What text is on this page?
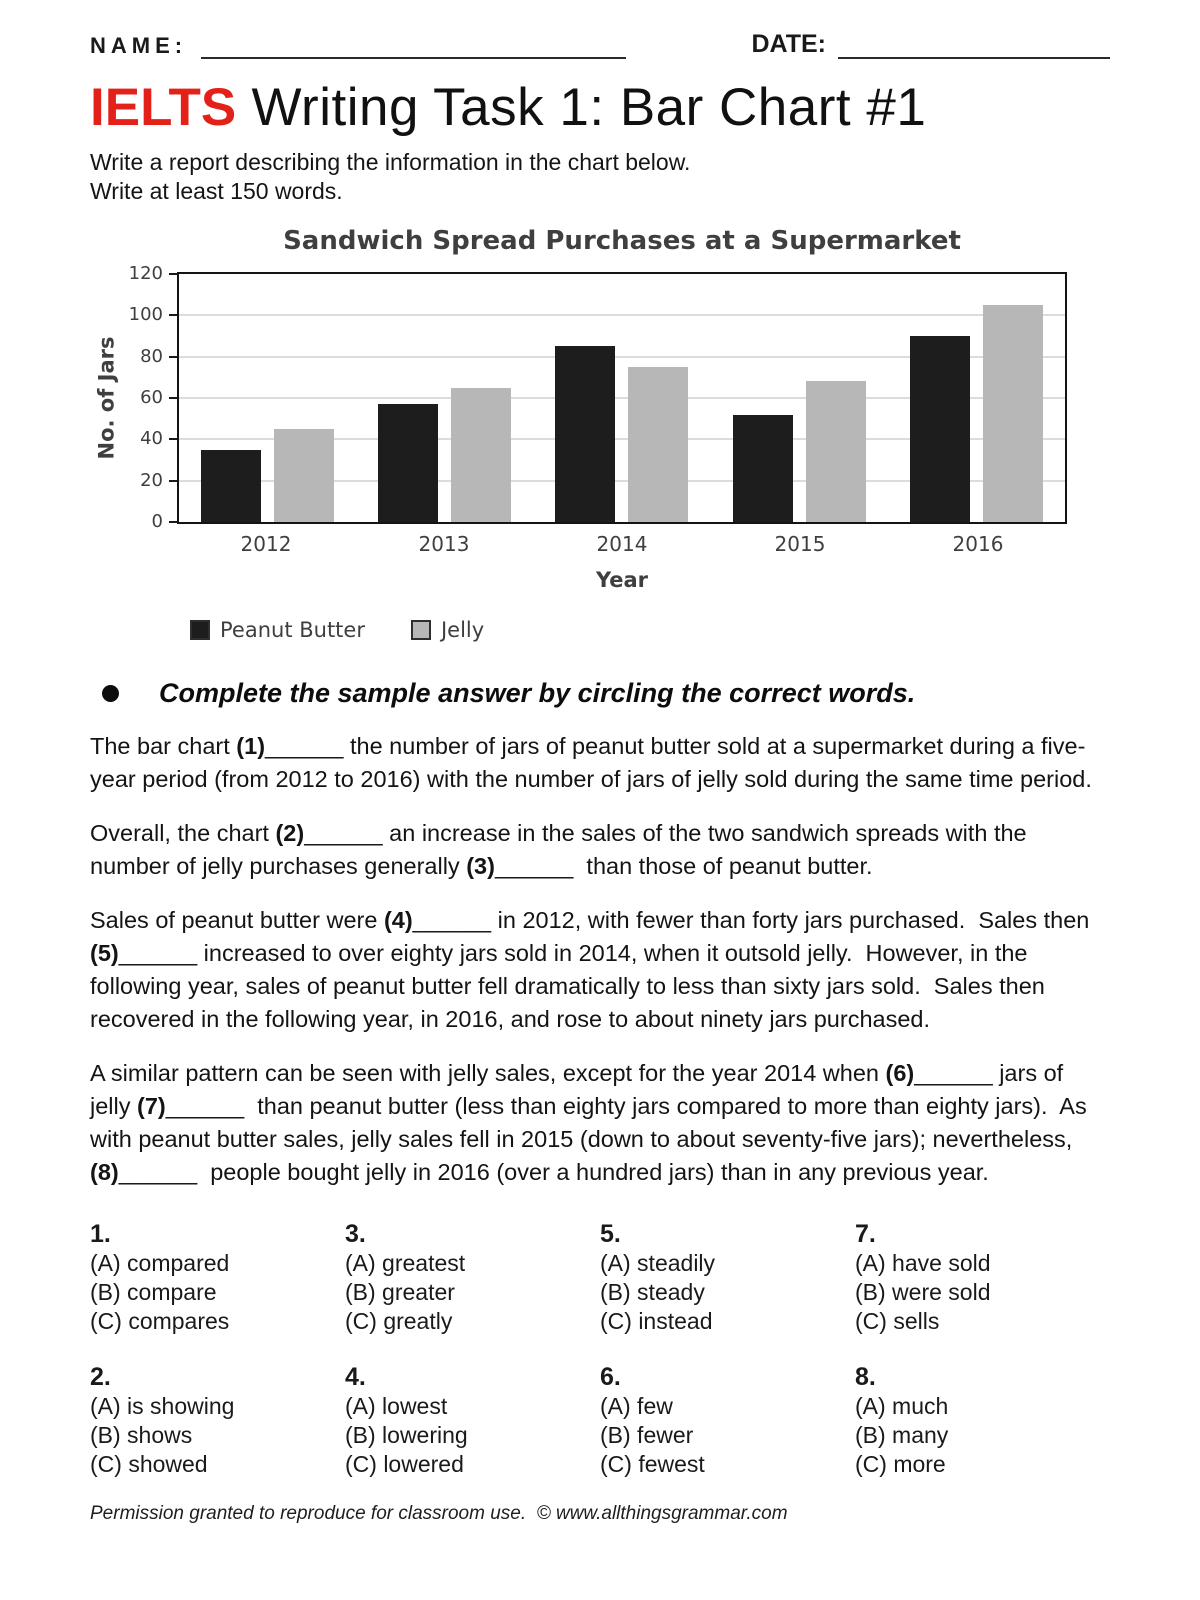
NAME:	DATE:
IELTS Writing Task 1: Bar Chart #1

Write a report describing the information in the chart below.

Write at least 150 words.

Sandwich Spread Purchases at a Supermarket
No. of Jars
0
20
40
60
80
100
120
2012	2013	2014	2015	2016
Year
Peanut Butter	Jelly
Complete the sample answer by circling the correct words.
The bar chart (1)______ the number of jars of peanut butter sold at a supermarket during a five-year period (from 2012 to 2016) with the number of jars of jelly sold during the same time period.
Overall, the chart (2)______ an increase in the sales of the two sandwich spreads with the number of jelly purchases generally (3)______  than those of peanut butter.
Sales of peanut butter were (4)______ in 2012, with fewer than forty jars purchased.  Sales then (5)______ increased to over eighty jars sold in 2014, when it outsold jelly.  However, in the following year, sales of peanut butter fell dramatically to less than sixty jars sold.  Sales then recovered in the following year, in 2016, and rose to about ninety jars purchased.
A similar pattern can be seen with jelly sales, except for the year 2014 when (6)______ jars of jelly (7)______  than peanut butter (less than eighty jars compared to more than eighty jars).  As with peanut butter sales, jelly sales fell in 2015 (down to about seventy-five jars); nevertheless, (8)______  people bought jelly in 2016 (over a hundred jars) than in any previous year.
1.
(A) compared
(B) compare
(C) compares
3.
(A) greatest
(B) greater
(C) greatly
5.
(A) steadily
(B) steady
(C) instead
7.
(A) have sold
(B) were sold
(C) sells
2.
(A) is showing
(B) shows
(C) showed
4.
(A) lowest
(B) lowering
(C) lowered
6.
(A) few
(B) fewer
(C) fewest
8.
(A) much
(B) many
(C) more

Permission granted to reproduce for classroom use.  © www.allthingsgrammar.com
